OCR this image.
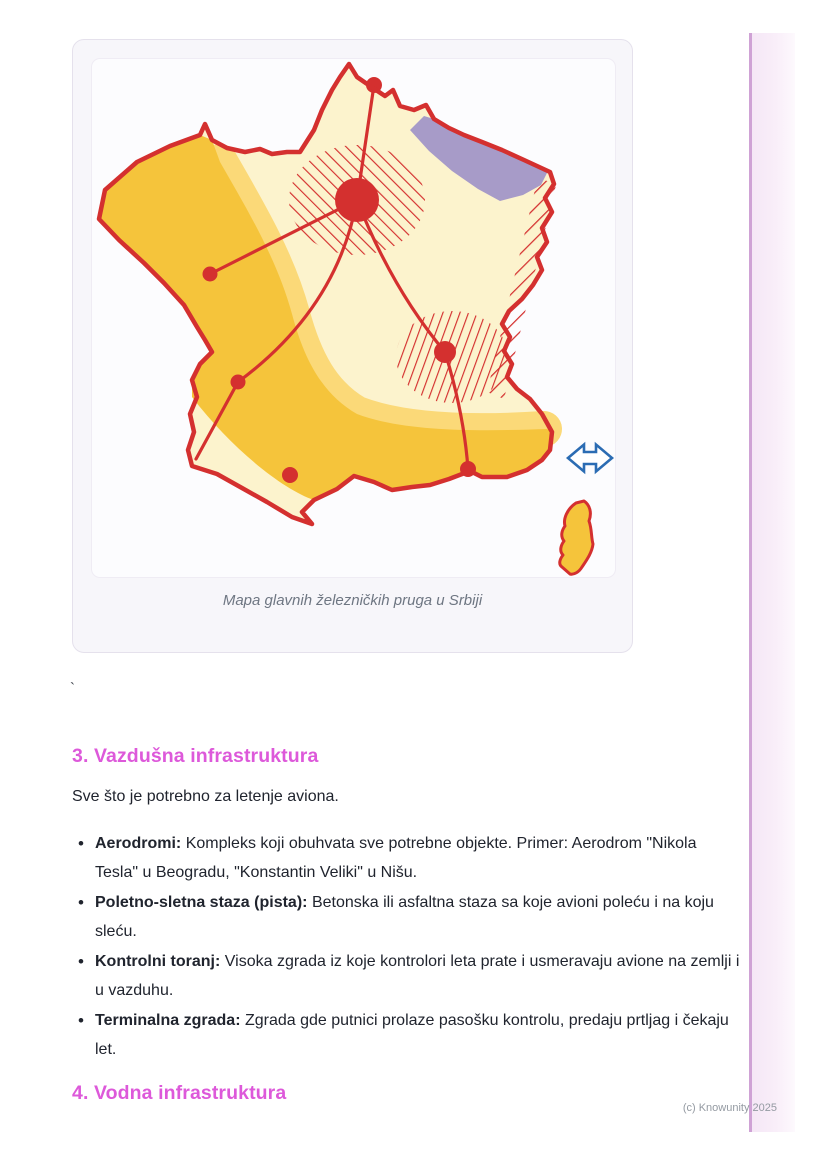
Mapa glavnih železničkih pruga u Srbiji
`
3. Vazdušna infrastruktura

Sve što je potrebno za letenje aviona.

• Aerodromi: Kompleks koji obuhvata sve potrebne objekte. Primer: Aerodrom "Nikola Tesla" u Beogradu, "Konstantin Veliki" u Nišu.
• Poletno-sletna staza (pista): Betonska ili asfaltna staza sa koje avioni poleću i na koju sleću.
• Kontrolni toranj: Visoka zgrada iz koje kontrolori leta prate i usmeravaju avione na zemlji i u vazduhu.
• Terminalna zgrada: Zgrada gde putnici prolaze pasošku kontrolu, predaju prtljag i čekaju let.
4. Vodna infrastruktura
(c) Knowunity 2025
